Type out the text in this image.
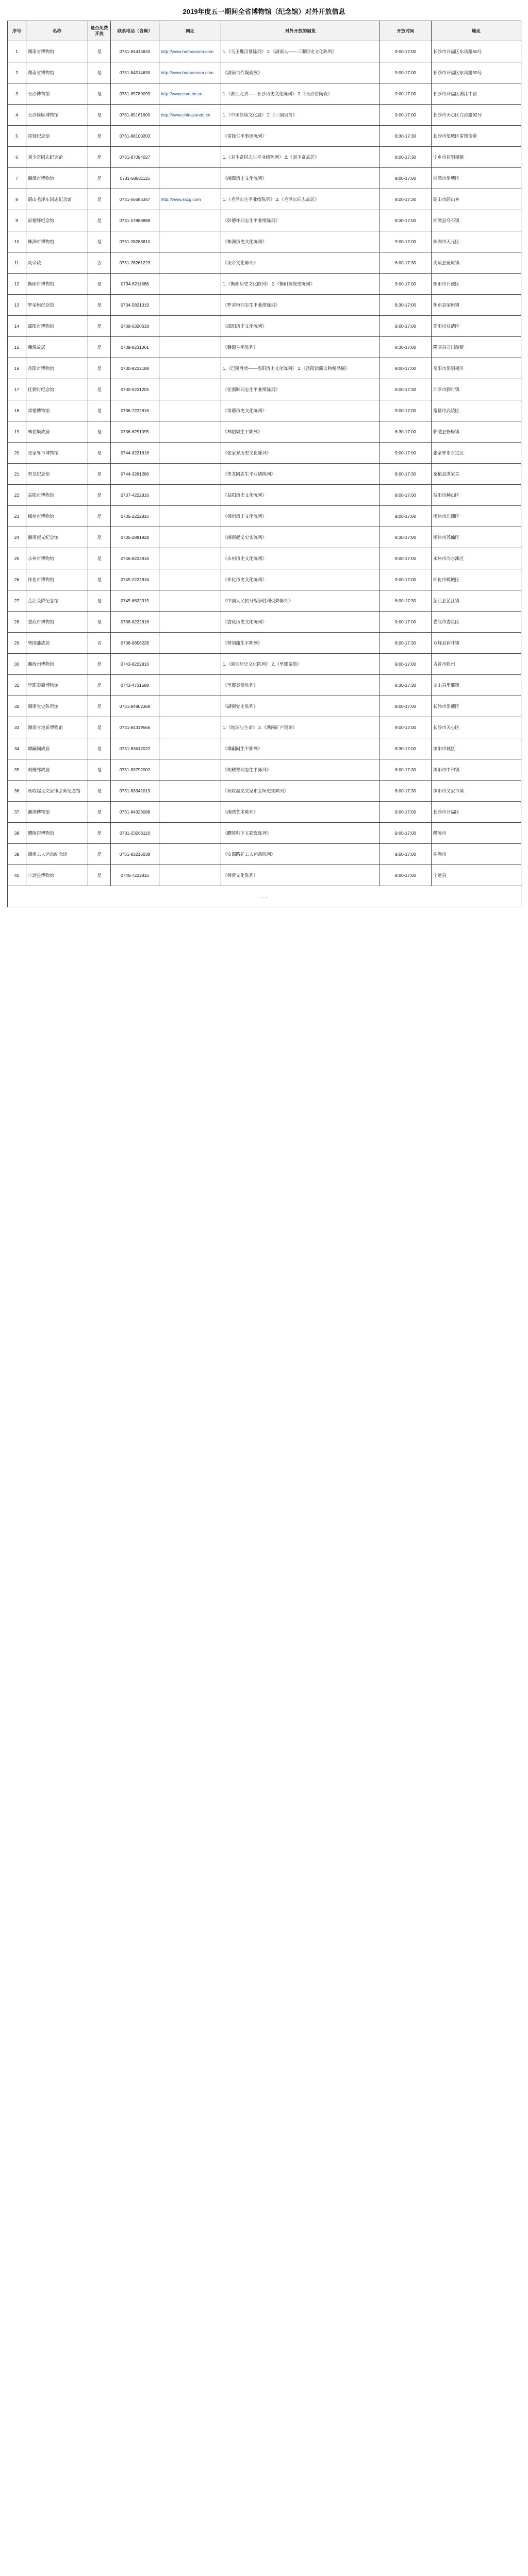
2019年度五一期间全省博物馆（纪念馆）对外开放信息
序号	名称	是否免费开放	联系电话（咨询）	网址	对外开放的展览	开放时间	地址
1	湖南省博物馆	是	0731-84415833	http://www.hnmuseum.com	1.《马王堆汉墓陈列》 2.《湖南人——三湘历史文化陈列》	9:00-17:00	长沙市开福区东风路50号
2	湖南省博物馆	是	0731-84514630	http://www.hnmuseum.com	《湖南古代陶瓷展》	9:00-17:00	长沙市开福区东风路50号
3	长沙博物馆	是	0731-85789099	http://www.csm.hn.cn	1.《湘江北去——长沙历史文化陈列》 2.《长沙窑陶瓷》	9:00-17:00	长沙市开福区湘江中路
4	长沙简牍博物馆	是	0731-85161900	http://www.chinajiandu.cn	1.《中国简牍文化展》 2.《三国吴简》	9:00-17:00	长沙市天心区白沙路92号
5	雷锋纪念馆	是	0731-88100203		《雷锋生平事迹陈列》	8:30-17:30	长沙市望城区雷锋街道
6	刘少奇同志纪念馆	是	0731-87094027		1.《刘少奇同志生平业绩陈列》 2.《刘少奇故居》	8:00-17:30	宁乡市花明楼镇
7	湘潭市博物馆	是	0731-58581115		《湘潭历史文化陈列》	9:00-17:00	湘潭市岳塘区
8	韶山毛泽东同志纪念馆	是	0731-55685347	http://www.sszg.com	1.《毛泽东生平业绩陈列》 2.《毛泽东同志故居》	8:00-17:30	韶山市韶山乡
9	彭德怀纪念馆	是	0731-57888888		《彭德怀同志生平业绩陈列》	8:30-17:00	湘潭县乌石镇
10	株洲市博物馆	是	0731-28283810		《株洲历史文化陈列》	9:00-17:00	株洲市天元区
11	炎帝陵	否	0731-26261223		《炎帝文化陈列》	8:00-17:30	炎陵县鹿原镇
12	衡阳市博物馆	是	0734-8211888		1.《衡阳历史文化陈列》 2.《衡阳抗战史陈列》	9:00-17:00	衡阳市石鼓区
13	罗荣桓纪念馆	是	0734-5821019		《罗荣桓同志生平业绩陈列》	8:30-17:00	衡东县荣桓镇
14	邵阳市博物馆	是	0739-5320618		《邵阳历史文化陈列》	9:00-17:00	邵阳市双清区
15	魏源故居	是	0739-8231061		《魏源生平陈列》	8:30-17:00	隆回县司门前镇
16	岳阳市博物馆	是	0730-8222188		1.《巴陵胜状——岳阳历史文化陈列》 2.《岳阳馆藏文物精品展》	9:00-17:00	岳阳市岳阳楼区
17	任弼时纪念馆	是	0730-5221205		《任弼时同志生平业绩陈列》	8:00-17:30	汨罗市弼时镇
18	常德博物馆	是	0736-7222816		《常德历史文化陈列》	9:00-17:00	常德市武陵区
19	林伯渠故居	是	0736-6251095		《林伯渠生平陈列》	8:30-17:00	临澧县修梅镇
20	张家界市博物馆	是	0744-8221816		《张家界历史文化陈列》	9:00-17:00	张家界市永定区
21	贺龙纪念馆	是	0744-3281286		《贺龙同志生平业绩陈列》	8:00-17:30	桑植县洪家关
22	益阳市博物馆	是	0737-4222816		《益阳历史文化陈列》	9:00-17:00	益阳市赫山区
23	郴州市博物馆	是	0735-2222816		《郴州历史文化陈列》	9:00-17:00	郴州市北湖区
24	湘南起义纪念馆	是	0735-2881928		《湘南起义史实陈列》	8:30-17:00	郴州市苏仙区
25	永州市博物馆	是	0746-8222816		《永州历史文化陈列》	9:00-17:00	永州市冷水滩区
26	怀化市博物馆	是	0745-2222816		《怀化历史文化陈列》	9:00-17:00	怀化市鹤城区
27	芷江受降纪念馆	是	0745-6822315		《中国人民抗日战争胜利受降陈列》	8:00-17:30	芷江县芷江镇
28	娄底市博物馆	是	0738-8222816		《娄底历史文化陈列》	9:00-17:00	娄底市娄星区
29	曾国藩故居	否	0738-6856228		《曾国藩生平陈列》	8:00-17:30	双峰县荷叶镇
30	湘西州博物馆	是	0743-8222816		1.《湘西历史文化陈列》 2.《里耶秦简》	9:00-17:00	吉首市乾州
31	里耶秦简博物馆	是	0743-4731588		《里耶秦简陈列》	8:30-17:30	龙山县里耶镇
32	湖南党史陈列馆	是	0731-84802368		《湖南党史陈列》	9:00-17:00	长沙市岳麓区
33	湖南省地质博物馆	是	0731-84319566		1.《地球与生命》 2.《湖南矿产资源》	9:00-17:00	长沙市天心区
34	谭嗣同故居	是	0731-83612022		《谭嗣同生平陈列》	8:30-17:00	浏阳市城区
35	胡耀邦故居	是	0731-83792002		《胡耀邦同志生平陈列》	8:00-17:30	浏阳市中和镇
36	秋收起义文家市会师纪念馆	是	0731-83342019		《秋收起义文家市会师史实陈列》	8:00-17:30	浏阳市文家市镇
37	湘绣博物馆	是	0731-84323088		《湘绣艺术陈列》	9:00-17:00	长沙市开福区
38	醴陵窑博物馆	是	0731-23266116		《醴陵釉下五彩瓷陈列》	9:00-17:00	醴陵市
39	湖南工人运动纪念馆	是	0731-83216038		《安源路矿工人运动陈列》	9:00-17:00	株洲市
40	宁远县博物馆	是	0746-7222816		《舜帝文化陈列》	9:00-17:00	宁远县
……							
